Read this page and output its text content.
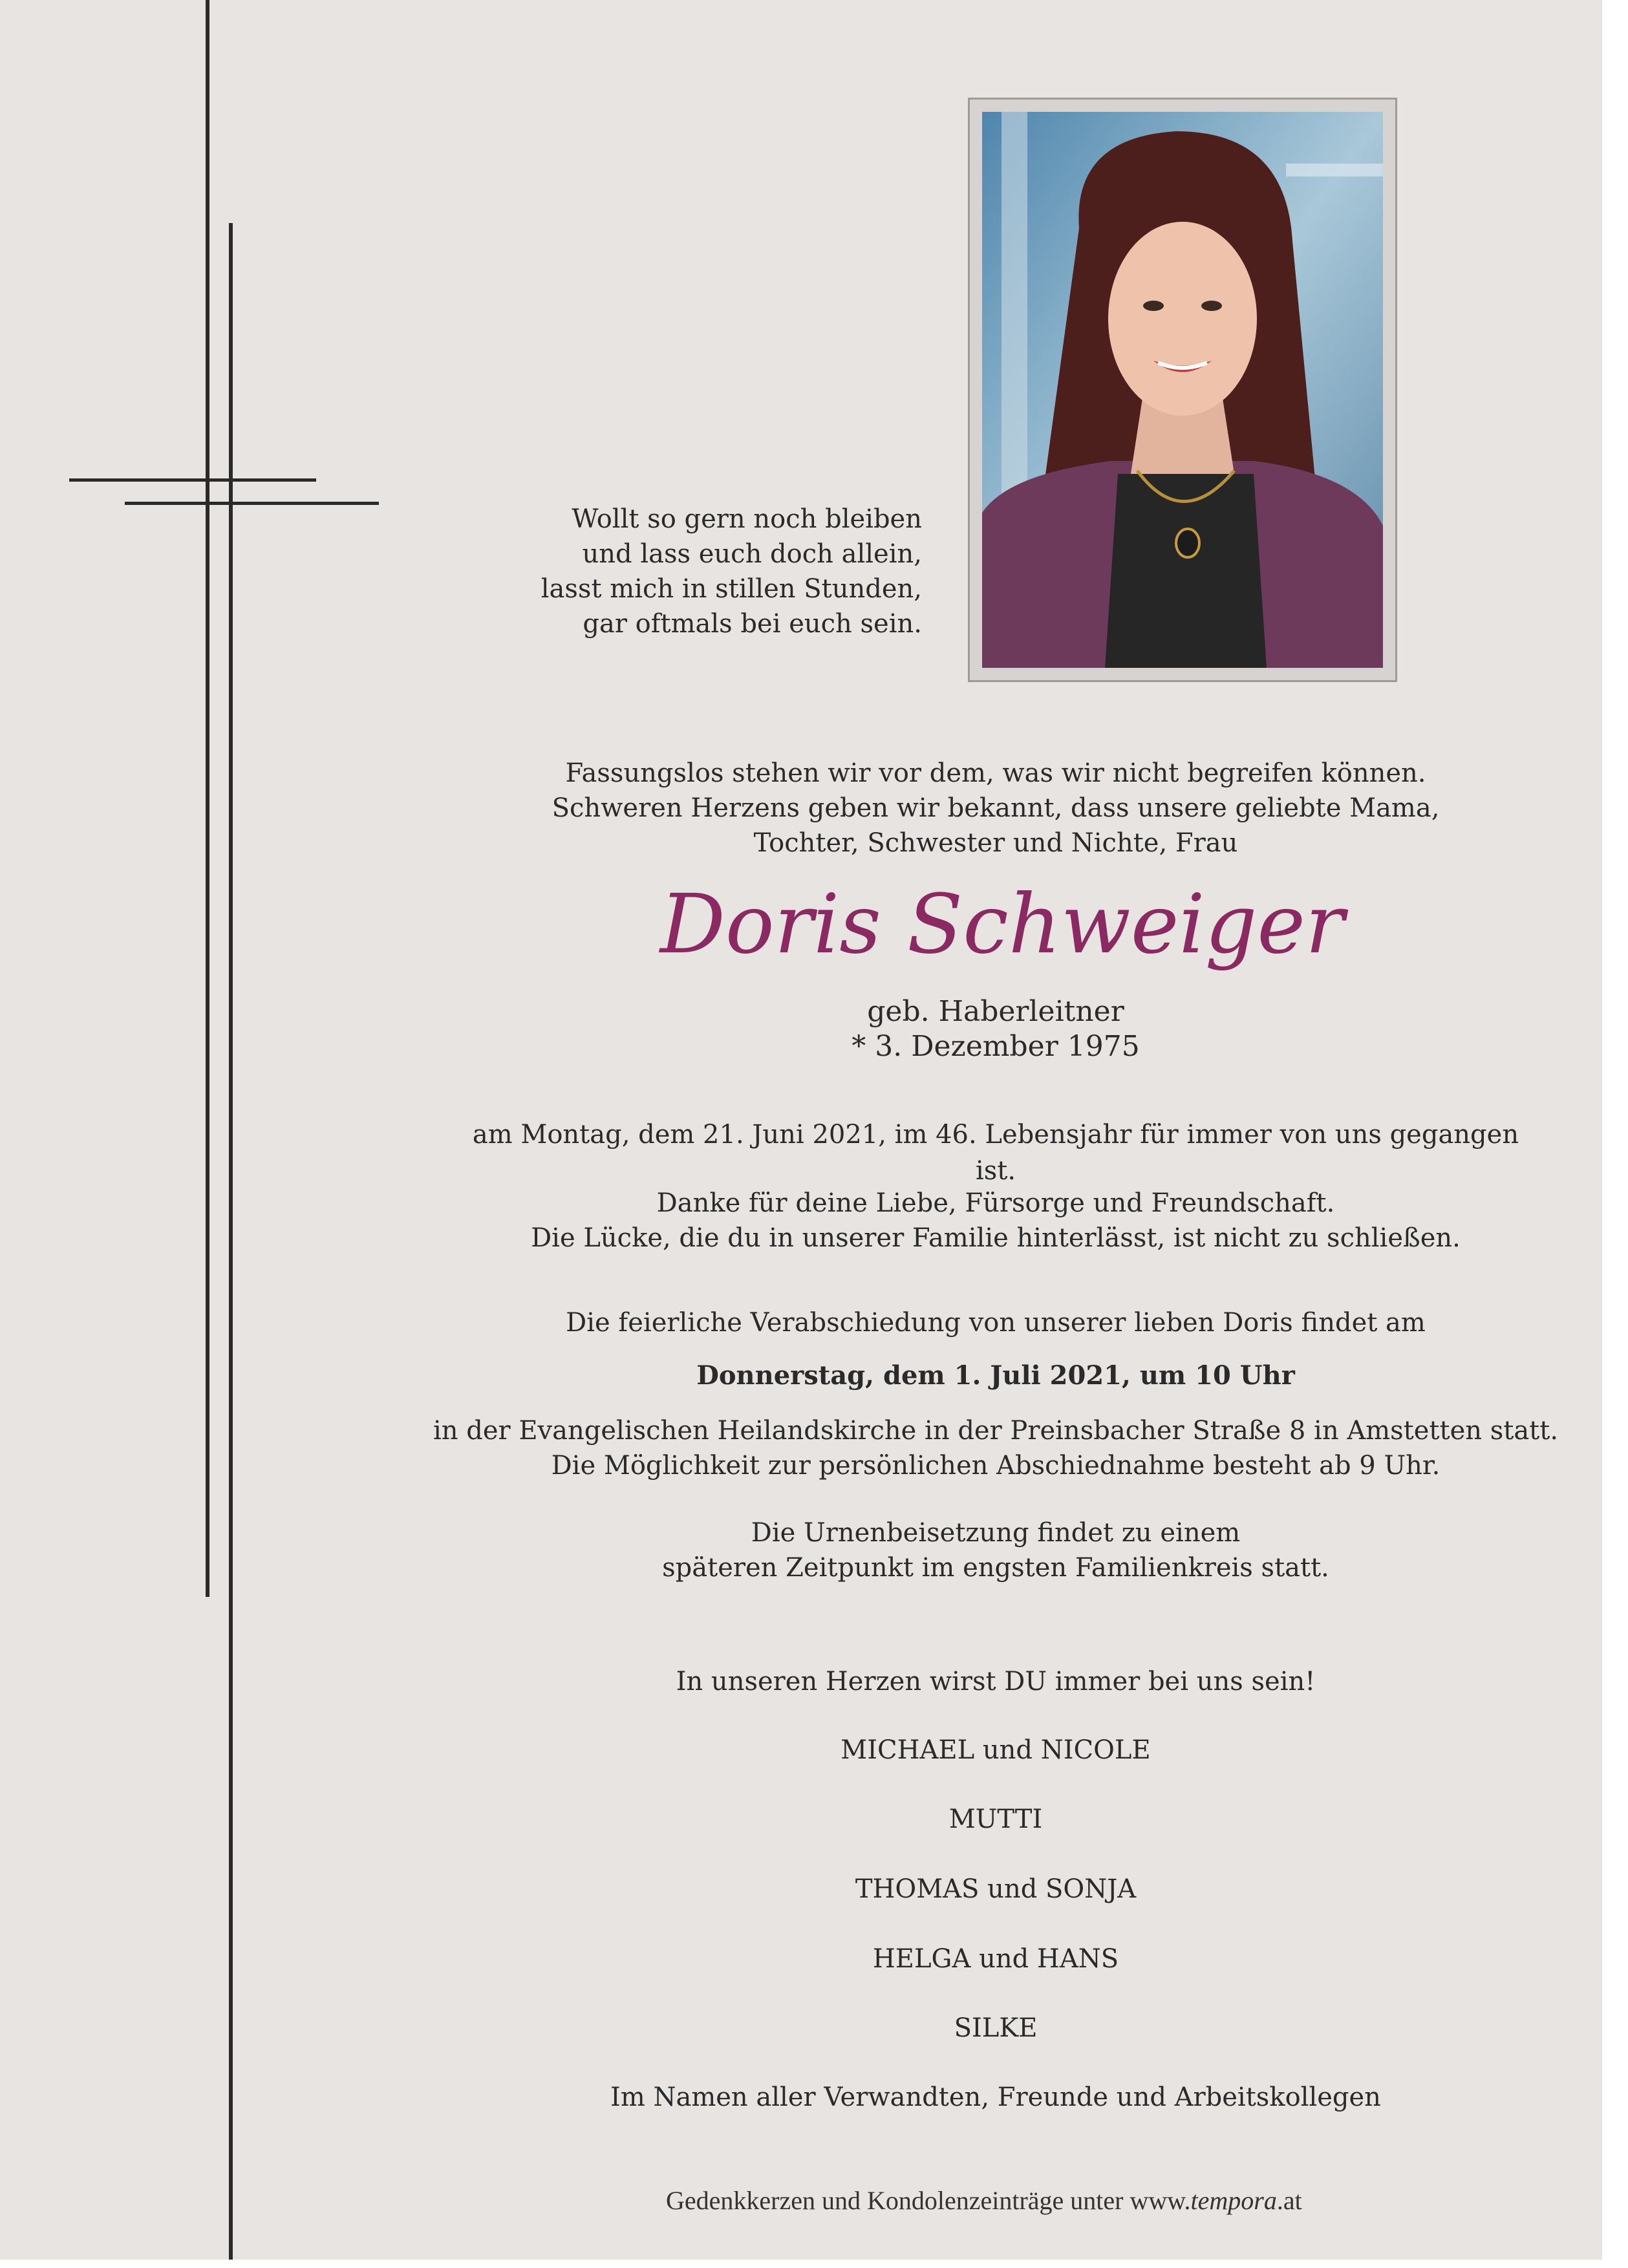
Wollt so gern noch bleiben
und lass euch doch allein,
lasst mich in stillen Stunden,
gar oftmals bei euch sein.
Fassungslos stehen wir vor dem, was wir nicht begreifen können.
Schweren Herzens geben wir bekannt, dass unsere geliebte Mama,
Tochter, Schwester und Nichte, Frau
Doris Schweiger
geb. Haberleitner
* 3. Dezember 1975
am Montag, dem 21. Juni 2021, im 46. Lebensjahr für immer von uns gegangen ist.
Danke für deine Liebe, Fürsorge und Freundschaft.
Die Lücke, die du in unserer Familie hinterlässt, ist nicht zu schließen.
Die feierliche Verabschiedung von unserer lieben Doris findet am
Donnerstag, dem 1. Juli 2021, um 10 Uhr
in der Evangelischen Heilandskirche in der Preinsbacher Straße 8 in Amstetten statt.
Die Möglichkeit zur persönlichen Abschiednahme besteht ab 9 Uhr.
Die Urnenbeisetzung findet zu einem
späteren Zeitpunkt im engsten Familienkreis statt.
In unseren Herzen wirst DU immer bei uns sein!
MICHAEL und NICOLE
MUTTI
THOMAS und SONJA
HELGA und HANS
SILKE
Im Namen aller Verwandten, Freunde und Arbeitskollegen
Gedenkkerzen und Kondolenzeinträge unter www.tempora.at
